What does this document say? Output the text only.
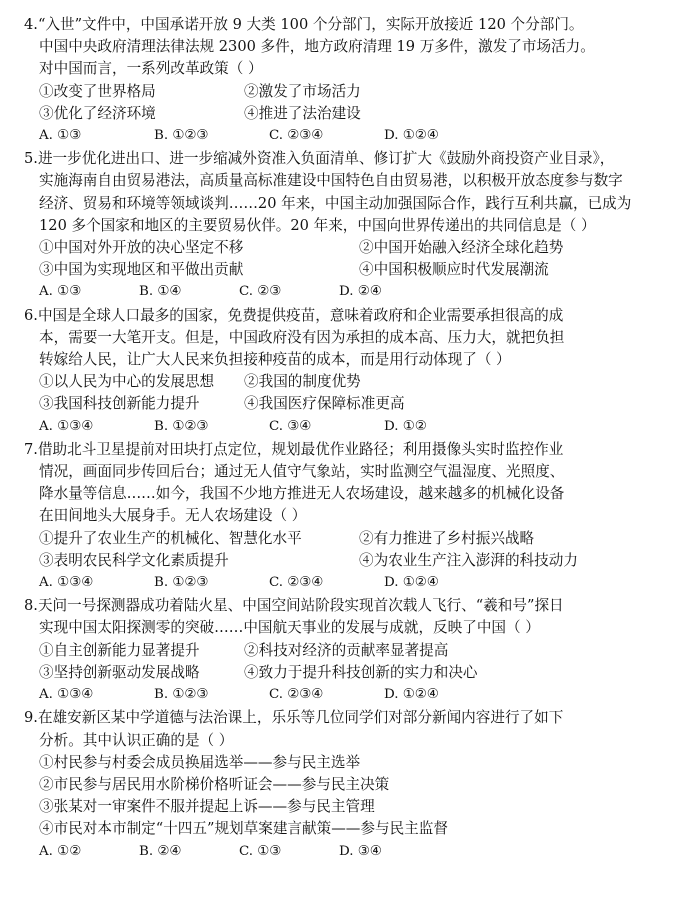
4.“入世”文件中，中国承诺开放 9 大类 100 个分部门，实际开放接近 120 个分部门。
中国中央政府清理法律法规 2300 多件，地方政府清理 19 万多件，激发了市场活力。
对中国而言，一系列改革政策（ ）
①改变了世界格局	②激发了市场活力
③优化了经济环境	④推进了法治建设
A. ①③	B. ①②③	C. ②③④	D. ①②④
5.进一步优化进出口、进一步缩减外资准入负面清单、修订扩大《鼓励外商投资产业目录》，
实施海南自由贸易港法，高质量高标准建设中国特色自由贸易港，以积极开放态度参与数字
经济、贸易和环境等领域谈判……20 年来，中国主动加强国际合作，践行互利共赢，已成为
120 多个国家和地区的主要贸易伙伴。20 年来，中国向世界传递出的共同信息是（ ）
①中国对外开放的决心坚定不移	②中国开始融入经济全球化趋势
③中国为实现地区和平做出贡献	④中国积极顺应时代发展潮流
A. ①③	B. ①④	C. ②③	D. ②④
6.中国是全球人口最多的国家，免费提供疫苗，意味着政府和企业需要承担很高的成
本，需要一大笔开支。但是，中国政府没有因为承担的成本高、压力大，就把负担
转嫁给人民，让广大人民来负担接种疫苗的成本，而是用行动体现了（ ）
①以人民为中心的发展思想	②我国的制度优势
③我国科技创新能力提升	④我国医疗保障标准更高
A. ①③④	B. ①②③	C. ③④	D. ①②
7.借助北斗卫星提前对田块打点定位，规划最优作业路径；利用摄像头实时监控作业
情况，画面同步传回后台；通过无人值守气象站，实时监测空气温湿度、光照度、
降水量等信息……如今，我国不少地方推进无人农场建设，越来越多的机械化设备
在田间地头大展身手。无人农场建设（ ）
①提升了农业生产的机械化、智慧化水平	②有力推进了乡村振兴战略
③表明农民科学文化素质提升	④为农业生产注入澎湃的科技动力
A. ①③④	B. ①②③	C. ②③④	D. ①②④
8.天问一号探测器成功着陆火星、中国空间站阶段实现首次载人飞行、“羲和号”探日
实现中国太阳探测零的突破……中国航天事业的发展与成就，反映了中国（ ）
①自主创新能力显著提升	②科技对经济的贡献率显著提高
③坚持创新驱动发展战略	④致力于提升科技创新的实力和决心
A. ①③④	B. ①②③	C. ②③④	D. ①②④
9.在雄安新区某中学道德与法治课上，乐乐等几位同学们对部分新闻内容进行了如下
分析。其中认识正确的是（ ）
①村民参与村委会成员换届选举——参与民主选举
②市民参与居民用水阶梯价格听证会——参与民主决策
③张某对一审案件不服并提起上诉——参与民主管理
④市民对本市制定“十四五”规划草案建言献策——参与民主监督
A. ①②	B. ②④	C. ①③	D. ③④
